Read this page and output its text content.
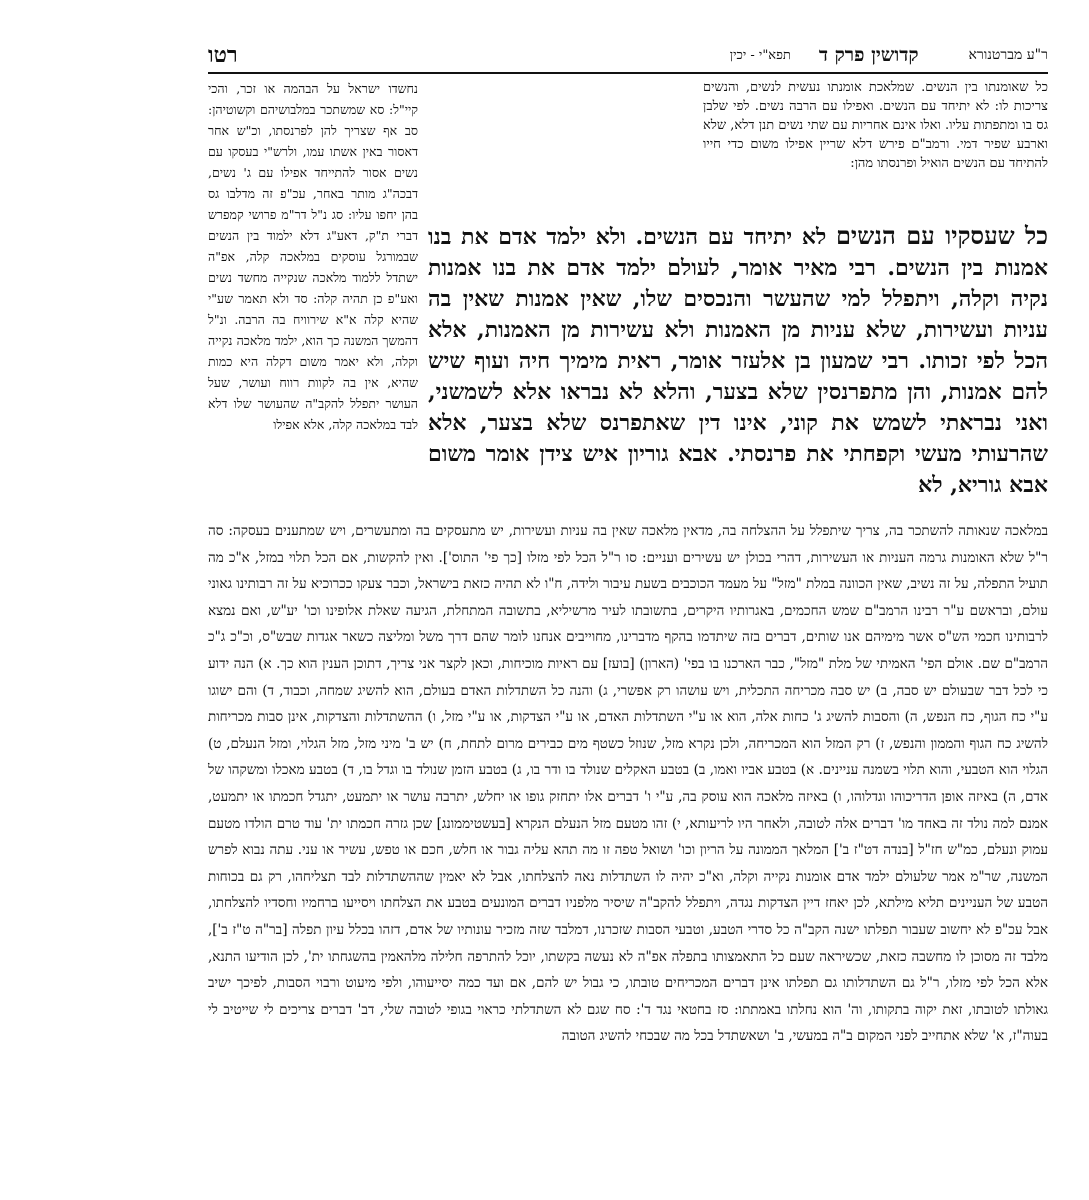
ר"ע מברטנורא
קדושין פרק ד
תפא"י - יכין
רטו
כל שאומנתו בין הנשים. שמלאכת אומנתו נעשית לנשים, והנשים צריכות לו: לא יתיחד עם הנשים. ואפילו עם הרבה נשים. לפי שלבן גס בו ומתפתות עליו. ואלו אינם אחריות עם שתי נשים תנן דלא, שלא וארבע שפיר דמי. ורמב"ם פירש דלא שריין אפילו משום כדי חייו להתיחד עם הנשים הואיל ופרנסתו מהן:
נחשדו ישראל על הבהמה או זכר, והכי קיי"ל: סא שמשתכר במלבושיהם וקשוטיהן: סב אף שצריך להן לפרנסתו, וכ"ש אחר דאסור באין אשתו עמו, ולרש"י בעסקו עם נשים אסור להתייחד אפילו עם ג' נשים, דבכה"ג מותר באחר, עכ"פ זה מדלבו גס בהן יחפו עליו: סג נ"ל דר"מ פרושי קמפרש דברי ת"ק, דאע"ג דלא ילמוד בין הנשים שבמורגל עוסקים במלאכה קלה, אפ"ה ישתדל ללמוד מלאכה שנקייה מחשד נשים ואע"פ כן תהיה קלה: סד ולא תאמר שע"י שהיא קלה א"א שירוויח בה הרבה. ונ"ל דהמשך המשנה כך הוא, ילמד מלאכה נקייה וקלה, ולא יאמר משום דקלה היא כמות שהיא, אין בה לקוות רווח ועושר, שעל העושר יתפלל להקב"ה שהעושר שלו דלא לבד במלאכה קלה, אלא אפילו
כל שעסקיו עם הנשים לא יתיחד עם הנשים. ולא ילמד אדם את בנו אמנות בין הנשים. רבי מאיר אומר, לעולם ילמד אדם את בנו אמנות נקיה וקלה, ויתפלל למי שהעשר והנכסים שלו, שאין אמנות שאין בה עניות ועשירות, שלא עניות מן האמנות ולא עשירות מן האמנות, אלא הכל לפי זכותו. רבי שמעון בן אלעזר אומר, ראית מימיך חיה ועוף שיש להם אמנות, והן מתפרנסין שלא בצער, והלא לא נבראו אלא לשמשני, ואני נבראתי לשמש את קוני, אינו דין שאתפרנס שלא בצער, אלא שהרעותי מעשי וקפחתי את פרנסתי. אבא גוריון איש צידן אומר משום אבא גוריא, לא
במלאכה שנאותה להשתכר בה, צריך שיתפלל על ההצלחה בה, מדאין מלאכה שאין בה עניות ועשירות, יש מתעסקים בה ומתעשרים, ויש שמתענים בעסקה: סה ר"ל שלא האומנות גרמה העניות או העשירות, דהרי בכולן יש עשירים ועניים: סו ר"ל הכל לפי מזלו [כך פי' התוס']. ואין להקשות, אם הכל תלוי במזל, א"כ מה תועיל התפלה, על זה נשיב, שאין הכוונה במלת "מזל" על מעמד הכוכבים בשעת עיבור ולידה, ח"ו לא תהיה כזאת בישראל, וכבר צעקו ככרוכיא על זה רבותינו גאוני עולם, ובראשם ע"ר רבינו הרמב"ם שמש החכמים, באגרותיו היקרים, בתשובתו לעיר מרשיליא, בתשובה המתחלת, הגיעה שאלת אלופינו וכו' יע"ש, ואם נמצא לרבותינו חכמי הש"ס אשר מימיהם אנו שותים, דברים בזה שיתדמו בהקף מדברינו, מחוייבים אנחנו לומר שהם דרך משל ומליצה כשאר אגדות שבש"ס, וכ"כ ג"כ הרמב"ם שם. אולם הפי' האמיתי של מלת "מזל", כבר הארכנו בו בפי' (הארון) [בועז] עם ראיות מוכיחות, וכאן לקצר אני צריך, דתוכן הענין הוא כך. א) הנה ידוע כי לכל דבר שבעולם יש סבה, ב) יש סבה מכריחה התכלית, ויש עושהו רק אפשרי, ג) והנה כל השתדלות האדם בעולם, הוא להשיג שמחה, וכבוד, ד) והם ישוגו ע"י כח הגוף, כח הנפש, ה) והסבות להשיג ג' כחות אלה, הוא או ע"י השתדלות האדם, או ע"י הצדקות, או ע"י מזל, ו) ההשתדלות והצדקות, אינן סבות מכריחות להשיג כח הגוף והממון והנפש, ז) רק המזל הוא המכריחה, ולכן נקרא מזל, שנוזל כשטף מים כבירים מרום לתחת, ח) יש ב' מיני מזל, מזל הגלוי, ומזל הנעלם, ט) הגלוי הוא הטבעי, והוא תלוי בשמנה עניינים. א) בטבע אביו ואמו, ב) בטבע האקלים שנולד בו ודר בו, ג) בטבע הזמן שנולד בו וגדל בו, ד) בטבע מאכלו ומשקהו של אדם, ה) באיזה אופן הדריכוהו וגדלוהו, ו) באיזה מלאכה הוא עוסק בה, ע"י ו' דברים אלו יתחזק גופו או יחלש, יתרבה עושר או יתמעט, יתגדל חכמתו או יתמעט, אמנם למה נולד זה באחד מו' דברים אלה לטובה, ולאחר היו לריעותא, י) זהו מטעם מזל הנעלם הנקרא [בעשטיממונג] שכן גזרה חכמתו ית' עוד טרם הולדו מטעם עמוק ונעלם, כמ"ש חז"ל [בנדה דט"ז ב'] המלאך הממונה על הריון וכו' ושואל טפה זו מה תהא עליה גבור או חלש, חכם או טפש, עשיר או עני. עתה נבוא לפרש המשנה, שר"מ אמר שלעולם ילמד אדם אומנות נקייה וקלה, וא"כ יהיה לו השתדלות נאה להצלחתו, אבל לא יאמין שההשתדלות לבד תצליחהו, רק גם בכוחות הטבע של העניינים תליא מילתא, לכן יאחז דיין הצדקות נגדה, ויתפלל להקב"ה שיסיר מלפניו דברים המונעים בטבע את הצלחתו ויסייעו ברחמיו וחסדיו להצלחתו, אבל עכ"פ לא יחשוב שעבור תפלתו ישנה הקב"ה כל סדרי הטבע, וטבעי הסבות שזכרנו, דמלבד שזה מזכיר עונותיו של אדם, דזהו בכלל עיון תפלה [בר"ה ט"ז ב'], מלבד זה מסוכן לו מחשבה כזאת, שכשיראה שעם כל התאמצותו בתפלה אפ"ה לא נעשה בקשתו, יוכל להתרפה חלילה מלהאמין בהשגחתו ית', לכן הודיעו התנא, אלא הכל לפי מזלו, ר"ל גם השתדלותו גם תפלתו אינן דברים המכריחים טובתו, כי גבול יש להם, אם ועד כמה יסייעוהו, ולפי מיעוט ורבוי הסבות, לפיכך ישיב גאולתו לטובתו, זאת יקוה בתקותו, וה' הוא נחלתו באמתתו: סז בחטאי נגד ד': סח שגם לא השתדלתי כראוי בגופי לטובה שלי, דב' דברים צריכים לי שייטיב לי בעוה"ז, א' שלא אתחייב לפני המקום ב"ה במעשי, ב' ושאשתדל בכל מה שבכחי להשיג הטובה
